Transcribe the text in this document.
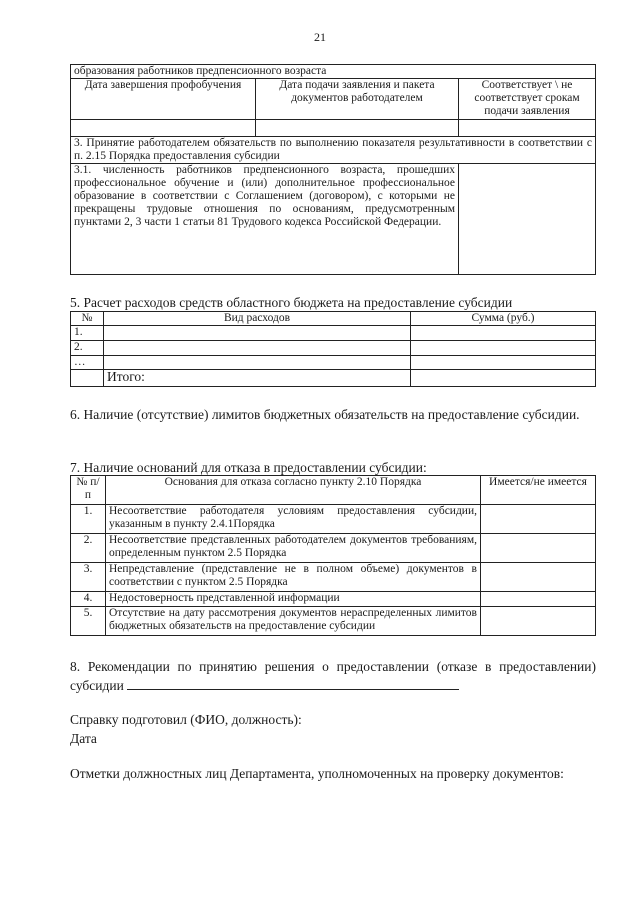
21
образования работников предпенсионного возраста		
Дата завершения профобучения	Дата подачи заявления и пакета документов работодателем	Соответствует \ не соответствует срокам подачи заявления

3. Принятие работодателем обязательств по выполнению показателя результативности в соответствии с п. 2.15 Порядка предоставления субсидии		
3.1. численность работников предпенсионного возраста, прошедших профессиональное обучение и (или) дополнительное профессиональное образование в соответствии с Соглашением (договором), с которыми не прекращены трудовые отношения по основаниям, предусмотренным пунктами 2, 3 части 1 статьи 81 Трудового кодекса Российской Федерации.		
5. Расчет расходов средств областного бюджета на предоставление субсидии
№	Вид расходов	Сумма (руб.)
1.		
2.		
…		
	Итого:	
6. Наличие (отсутствие) лимитов бюджетных обязательств на предоставление субсидии.
7. Наличие оснований для отказа в предоставлении субсидии:
№ п/п	Основания для отказа согласно пункту 2.10 Порядка	Имеется/не имеется
1.	Несоответствие работодателя условиям предоставления субсидии, указанным в пункту 2.4.1Порядка	
2.	Несоответствие представленных работодателем документов требованиям, определенным пунктом 2.5 Порядка	
3.	Непредставление (представление не в полном объеме) документов в соответствии с пунктом 2.5 Порядка	
4.	Недостоверность представленной информации	
5.	Отсутствие на дату рассмотрения документов нераспределенных лимитов бюджетных обязательств на предоставление субсидии	
8. Рекомендации по принятию решения о предоставлении (отказе в предоставлении) субсидии
Справку подготовил (ФИО, должность):
Дата
Отметки должностных лиц Департамента, уполномоченных на проверку документов:
